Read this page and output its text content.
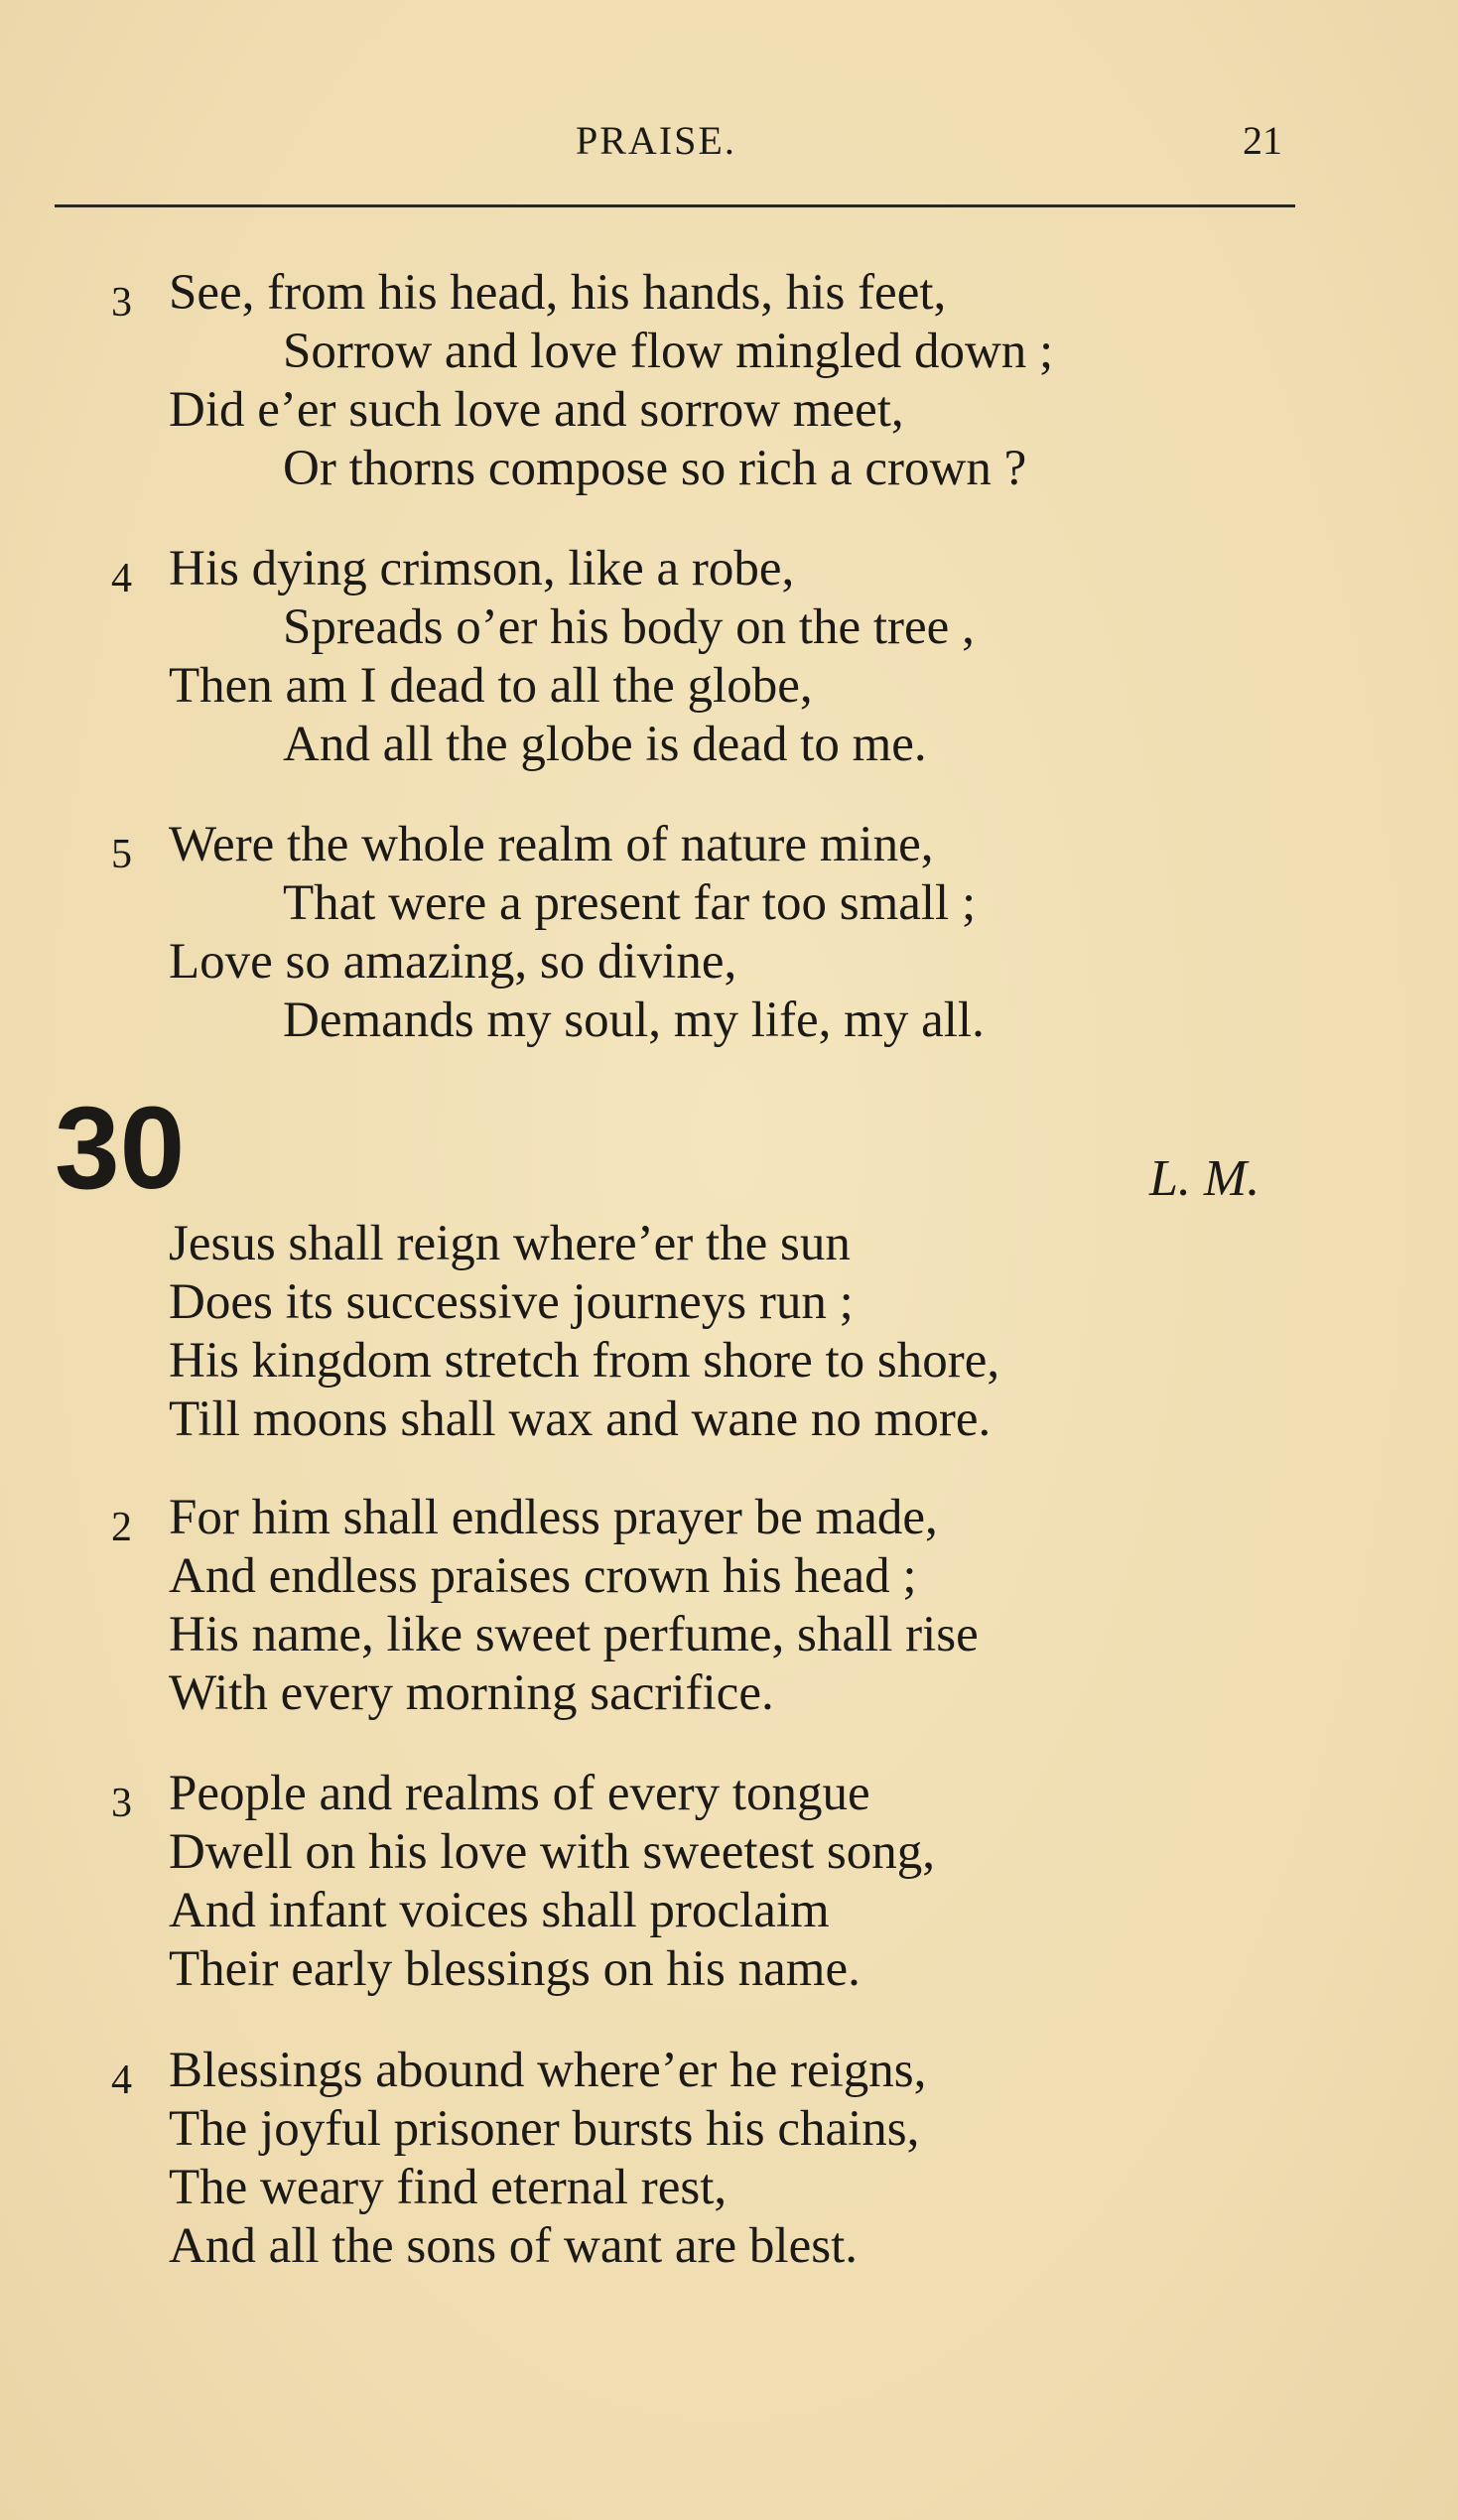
PRAISE.	21
3 See, from his head, his hands, his feet,
Sorrow and love flow mingled down ;
Did e’er such love and sorrow meet,
Or thorns compose so rich a crown ?
4 His dying crimson, like a robe,
Spreads o’er his body on the tree ,
Then am I dead to all the globe,
And all the globe is dead to me.
5 Were the whole realm of nature mine,
That were a present far too small ;
Love so amazing, so divine,
Demands my soul, my life, my all.
30	L. M.
Jesus shall reign where’er the sun
Does its successive journeys run ;
His kingdom stretch from shore to shore,
Till moons shall wax and wane no more.
2 For him shall endless prayer be made,
And endless praises crown his head ;
His name, like sweet perfume, shall rise
With every morning sacrifice.
3 People and realms of every tongue
Dwell on his love with sweetest song,
And infant voices shall proclaim
Their early blessings on his name.
4 Blessings abound where’er he reigns,
The joyful prisoner bursts his chains,
The weary find eternal rest,
And all the sons of want are blest.
